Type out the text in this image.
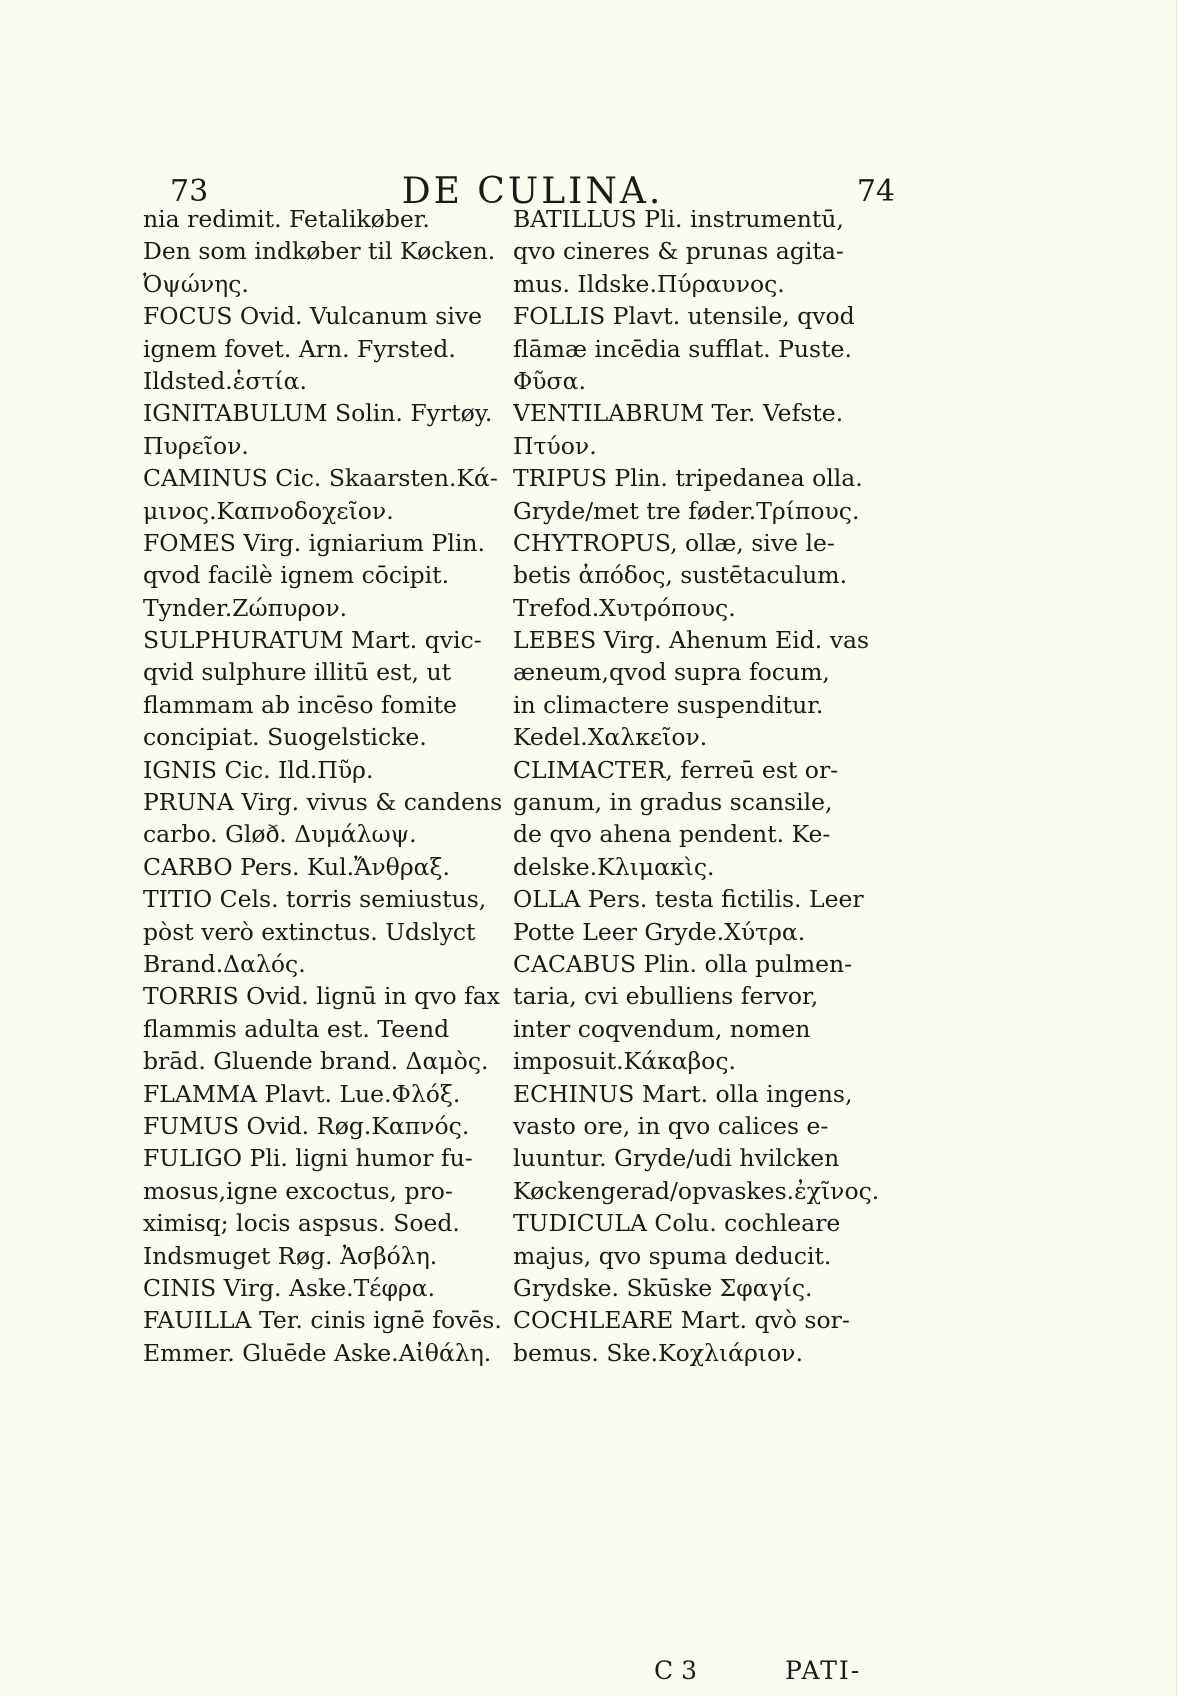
73	DE CULINA.	74
nia redimit. Fetalikøber.
Den som indkøber til Køcken.
Ὀψώνης.
FOCUS Ovid. Vulcanum sive
ignem fovet. Arn. Fyrsted.
Ildsted.ἑστία.
IGNITABULUM Solin. Fyrtøy.
Πυρεῖον.
CAMINUS Cic. Skaarsten.Κά-
μινος.Καπνοδοχεῖον.
FOMES Virg. igniarium Plin.
qvod facilè ignem cōcipit.
Tynder.Ζώπυρον.
SULPHURATUM Mart. qvic-
qvid sulphure illitū est, ut
flammam ab incēso fomite
concipiat. Suogelsticke.
IGNIS Cic. Ild.Πῦρ.
PRUNA Virg. vivus & candens
carbo. Gløð. Δυμάλωψ.
CARBO Pers. Kul.Ἄνθραξ.
TITIO Cels. torris semiustus,
pòst verò extinctus. Udslyct
Brand.Δαλός.
TORRIS Ovid. lignū in qvo fax
flammis adulta est. Teend
brād. Gluende brand. Δαμὸς.
FLAMMA Plavt. Lue.Φλόξ.
FUMUS Ovid. Røg.Καπνός.
FULIGO Pli. ligni humor fu-
mosus,igne excoctus, pro-
ximisq; locis aspsus. Soed.
Indsmuget Røg. Ἀσβόλη.
CINIS Virg. Aske.Τέφρα.
FAUILLA Ter. cinis ignē fovēs.
Emmer. Gluēde Aske.Αἰθάλη.
BATILLUS Pli. instrumentū,
qvo cineres & prunas agita-
mus. Ildske.Πύραυνος.
FOLLIS Plavt. utensile, qvod
flāmæ incēdia sufflat. Puste.
Φῦσα.
VENTILABRUM Ter. Vefste.
Πτύον.
TRIPUS Plin. tripedanea olla.
Gryde/met tre føder.Τρίπους.
CHYTROPUS, ollæ, sive le-
betis ἀπόδος, sustētaculum.
Trefod.Χυτρόπους.
LEBES Virg. Ahenum Eid. vas
æneum,qvod supra focum,
in climactere suspenditur.
Kedel.Χαλκεῖον.
CLIMACTER, ferreū est or-
ganum, in gradus scansile,
de qvo ahena pendent. Ke-
delske.Κλιμακὶς.
OLLA Pers. testa fictilis. Leer
Potte Leer Gryde.Χύτρα.
CACABUS Plin. olla pulmen-
taria, cvi ebulliens fervor,
inter coqvendum, nomen
imposuit.Κάκαβος.
ECHINUS Mart. olla ingens,
vasto ore, in qvo calices e-
luuntur. Gryde/udi hvilcken
Køckengerad/opvaskes.ἐχῖνος.
TUDICULA Colu. cochleare
majus, qvo spuma deducit.
Grydske. Skūske Σφαγίς.
COCHLEARE Mart. qvò sor-
bemus. Ske.Κοχλιάριον.
C 3	PATI-
